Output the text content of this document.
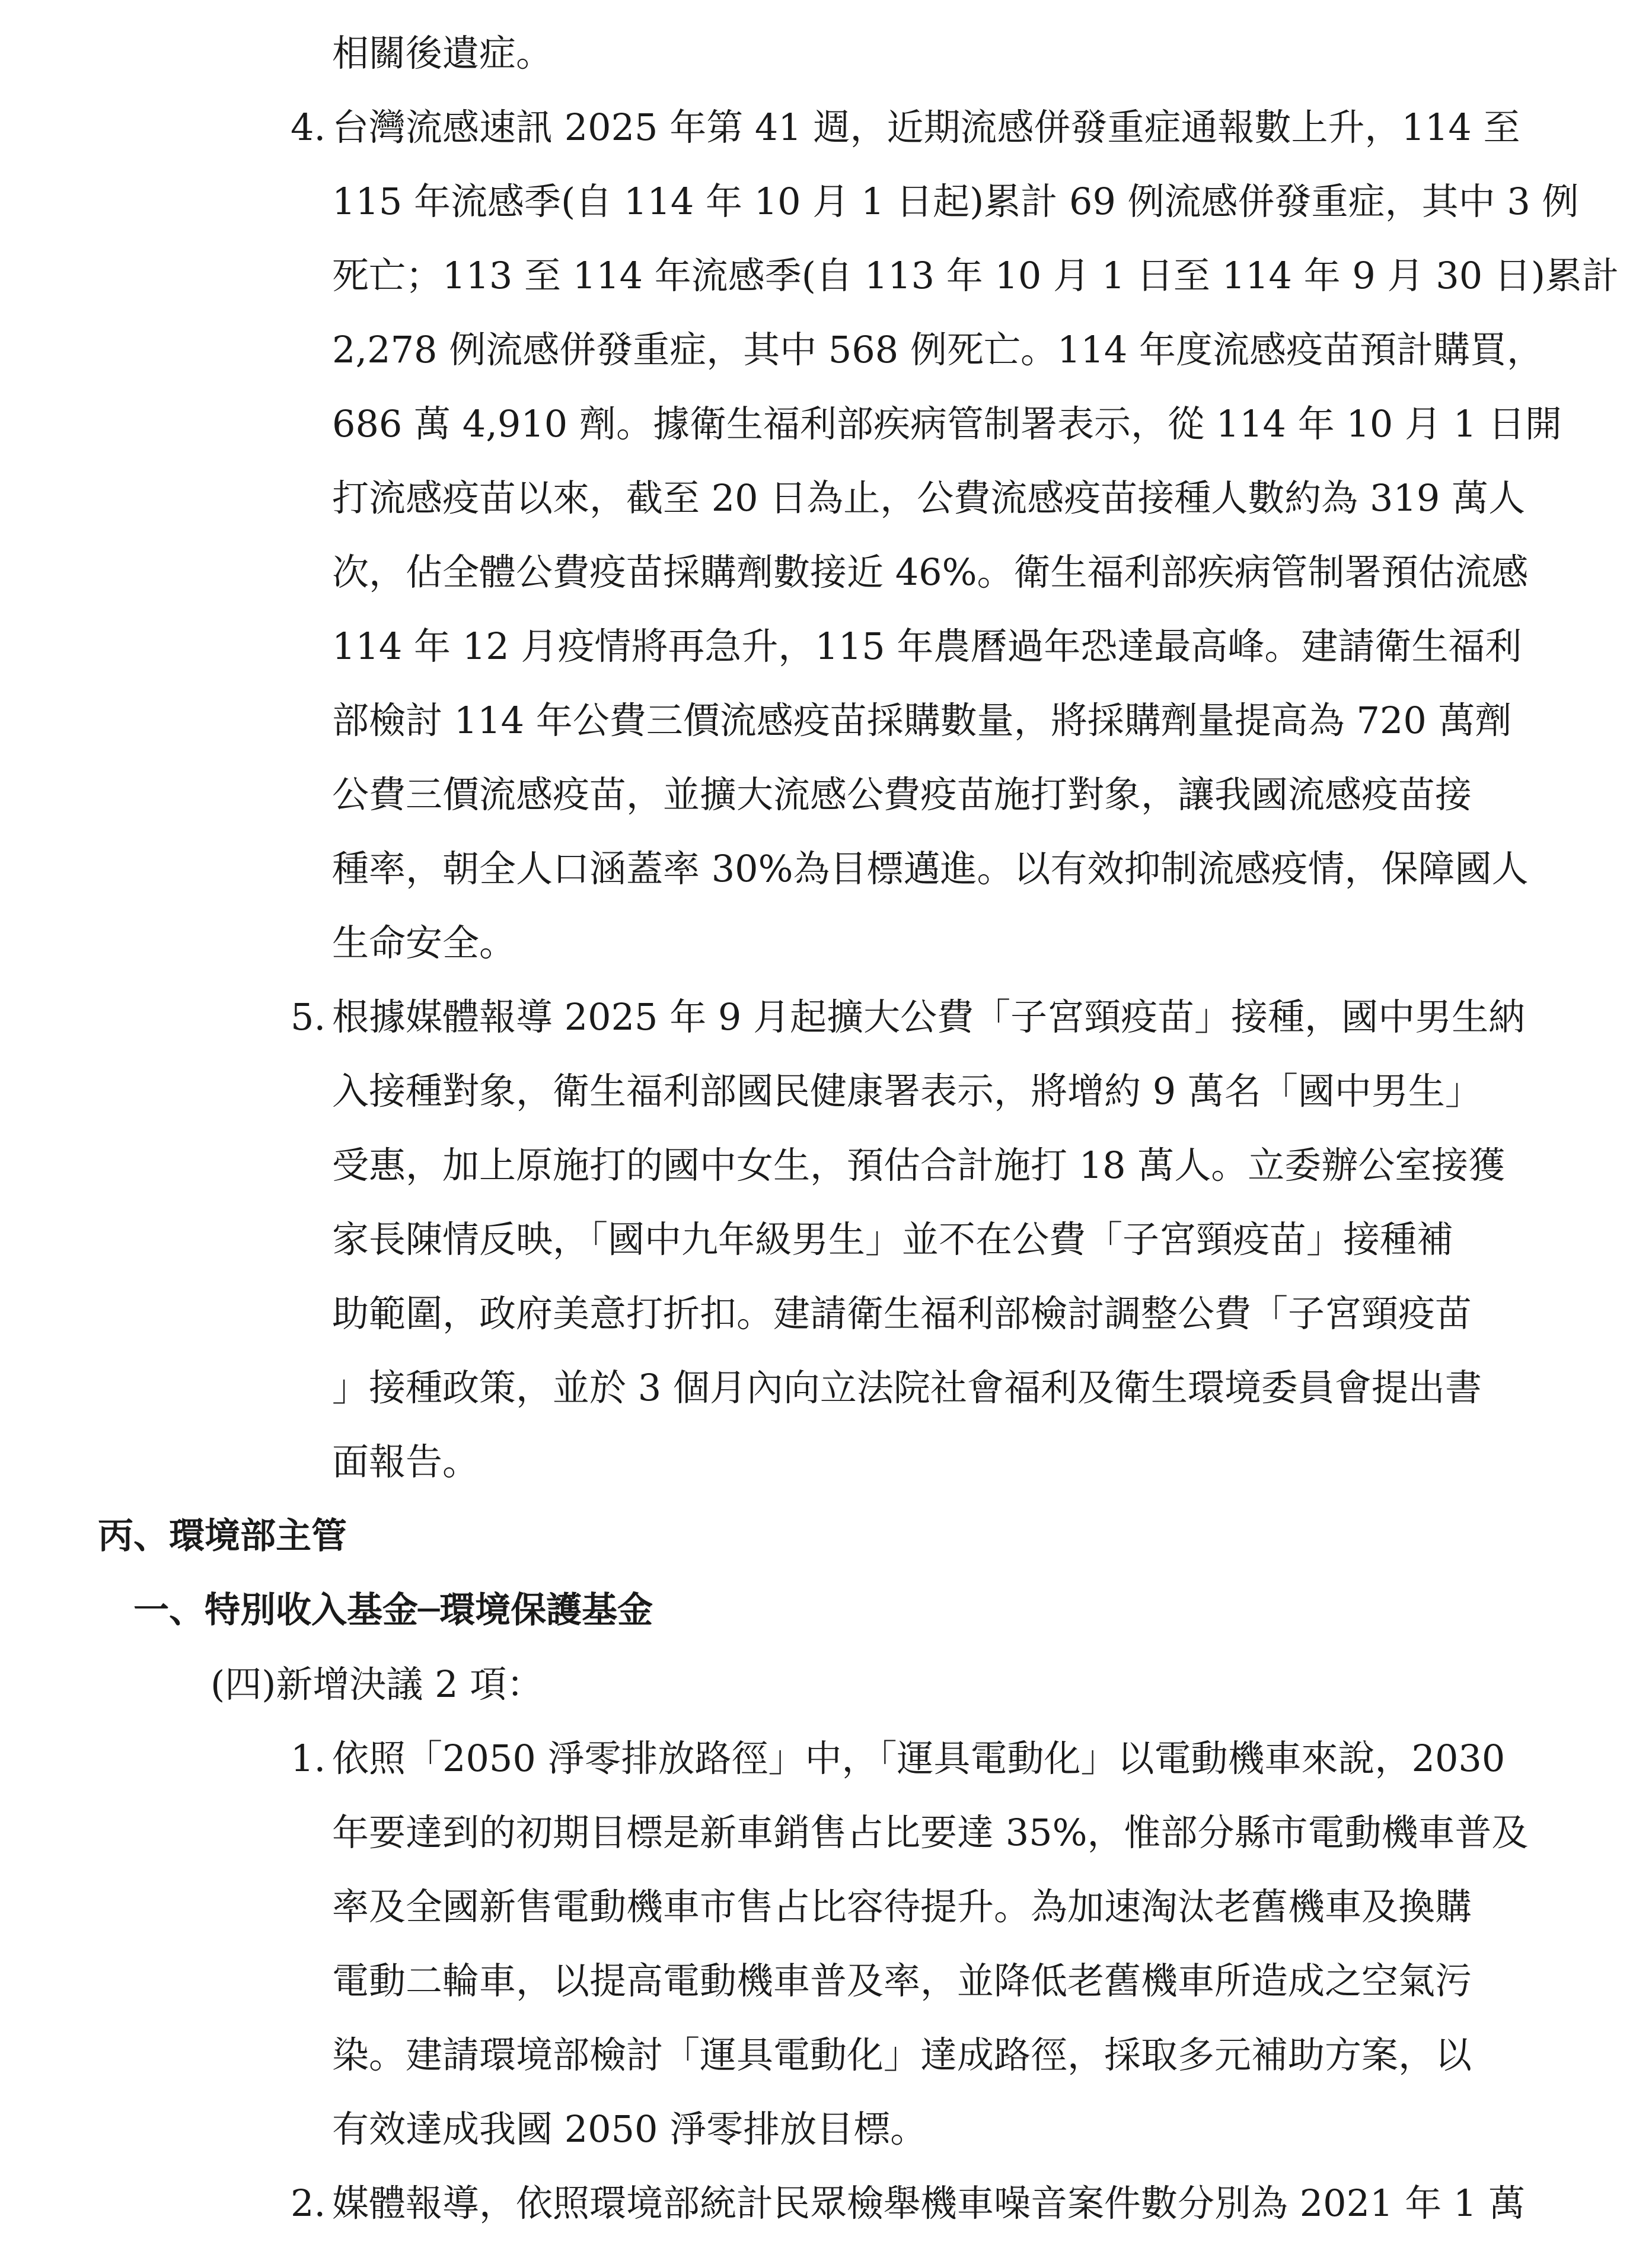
相關後遺症。
台灣流感速訊 2025 年第 41 週，近期流感併發重症通報數上升，114 至
4.
115 年流感季(自 114 年 10 月 1 日起)累計 69 例流感併發重症，其中 3 例
死亡；113 至 114 年流感季(自 113 年 10 月 1 日至 114 年 9 月 30 日)累計
2,278 例流感併發重症，其中 568 例死亡。114 年度流感疫苗預計購買，
686 萬 4,910 劑。據衛生福利部疾病管制署表示，從 114 年 10 月 1 日開
打流感疫苗以來，截至 20 日為止，公費流感疫苗接種人數約為 319 萬人
次，佔全體公費疫苗採購劑數接近 46%。衛生福利部疾病管制署預估流感
114 年 12 月疫情將再急升，115 年農曆過年恐達最高峰。建請衛生福利
部檢討 114 年公費三價流感疫苗採購數量，將採購劑量提高為 720 萬劑
公費三價流感疫苗，並擴大流感公費疫苗施打對象，讓我國流感疫苗接
種率，朝全人口涵蓋率 30%為目標邁進。以有效抑制流感疫情，保障國人
生命安全。
根據媒體報導 2025 年 9 月起擴大公費「子宮頸疫苗」接種，國中男生納
5.
入接種對象，衛生福利部國民健康署表示，將增約 9 萬名「國中男生」
受惠，加上原施打的國中女生，預估合計施打 18 萬人。立委辦公室接獲
家長陳情反映，「國中九年級男生」並不在公費「子宮頸疫苗」接種補
助範圍，政府美意打折扣。建請衛生福利部檢討調整公費「子宮頸疫苗
」接種政策，並於 3 個月內向立法院社會福利及衛生環境委員會提出書
面報告。
丙、環境部主管
一、特別收入基金─環境保護基金
(四)新增決議 2 項：
依照「2050 淨零排放路徑」中，「運具電動化」以電動機車來說，2030
1.
年要達到的初期目標是新車銷售占比要達 35%，惟部分縣市電動機車普及
率及全國新售電動機車市售占比容待提升。為加速淘汰老舊機車及換購
電動二輪車，以提高電動機車普及率，並降低老舊機車所造成之空氣污
染。建請環境部檢討「運具電動化」達成路徑，採取多元補助方案，以
有效達成我國 2050 淨零排放目標。
媒體報導，依照環境部統計民眾檢舉機車噪音案件數分別為 2021 年 1 萬
2.
